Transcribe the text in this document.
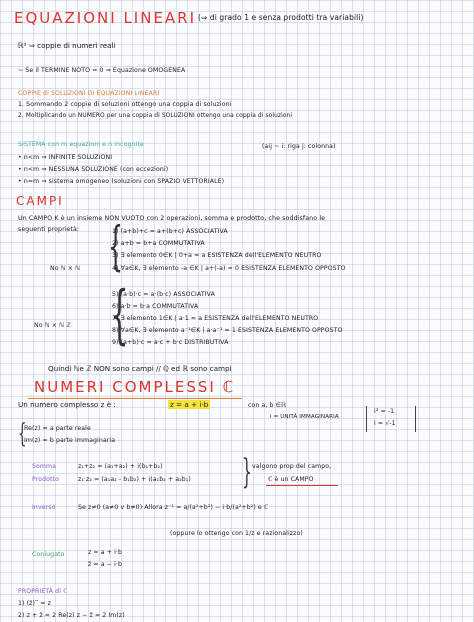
EQUAZIONI LINEARI (⇒ di grado 1 e senza prodotti tra variabili)
ℝ² ⇒ coppie di numeri reali
~ Se il TERMINE NOTO = 0 ⇒ Equazione OMOGENEA
COPPIE di SOLUZIONI DI EQUAZIONI LINEARI
1. Sommando 2 coppie di soluzioni ottengo una coppia di soluzioni
2. Moltiplicando un NUMERO per una coppia di SOLUZIONI ottengo una coppia di soluzioni
SISTEMA con m equazioni e n incognite	(aij ~ i: riga j: colonna)
• n<m ⇒ INFINITE SOLUZIONI
• n<m ⇒ NESSUNA SOLUZIONE (con eccezioni)
• n=m ⇒ sistema omogeneo (soluzioni con SPAZIO VETTORIALE)
CAMPI
Un CAMPO K è un insieme NON VUOTO con 2 operazioni, somma e prodotto, che soddisfano le
seguenti proprietà: {
1) (a+b)+c = a+(b+c) ASSOCIATIVA
2) a+b = b+a COMMUTATIVA
3) ∃ elemento 0∈K | 0+a = a ESISTENZA dell'ELEMENTO NEUTRO
4) ∀a∈K, ∃ elemento -a ∈K | a+(-a) = 0 ESISTENZA ELEMENTO OPPOSTO
No ℕ × ℕ
{
5) (a·b)·c = a·(b·c) ASSOCIATIVA
6) a·b = b·a COMMUTATIVA
7) ∃ elemento 1∈K | a·1 = a ESISTENZA dell'ELEMENTO NEUTRO
8) ∀a∈K, ∃ elemento a⁻¹∈K | a·a⁻¹ = 1 ESISTENZA ELEMENTO OPPOSTO
9) (a+b)·c = a·c + b·c DISTRIBUTIVA
No ℕ × ℕ ℤ
Quindi ℕe ℤ NON sono campi // ℚ ed ℝ sono campi
NUMERI COMPLESSI ℂ
Un numero complesso z è :	z = a + i·b	con a, b ∈ℝ
i = UNITÀ IMMAGINARIA
i² = -1
i = √-1
{
Re(z) = a parte reale
Im(z) = b parte immaginaria
Somma	z₁+z₂ = (a₁+a₂) + i(b₁+b₂)
Prodotto	z₁·z₂ = (a₁a₂ - b₁b₂) + i(a₁b₂ + a₂b₁) } valgono prop del campo,
ℂ è un CAMPO
Inverso	Se z≠0 (a≠0 v b≠0) Allora z⁻¹ = a/(a²+b²) − i·b/(a²+b²) e ℂ
(oppure lo ottengo con 1/z e razionalizzo)
Coniugato	z = a + i·b
z̄ = a − i·b
PROPRIETÀ di ℂ
1) (z̄)‾ = z
2) z + z̄ = 2 Re(z) z − z̄ = 2 Im(z)
